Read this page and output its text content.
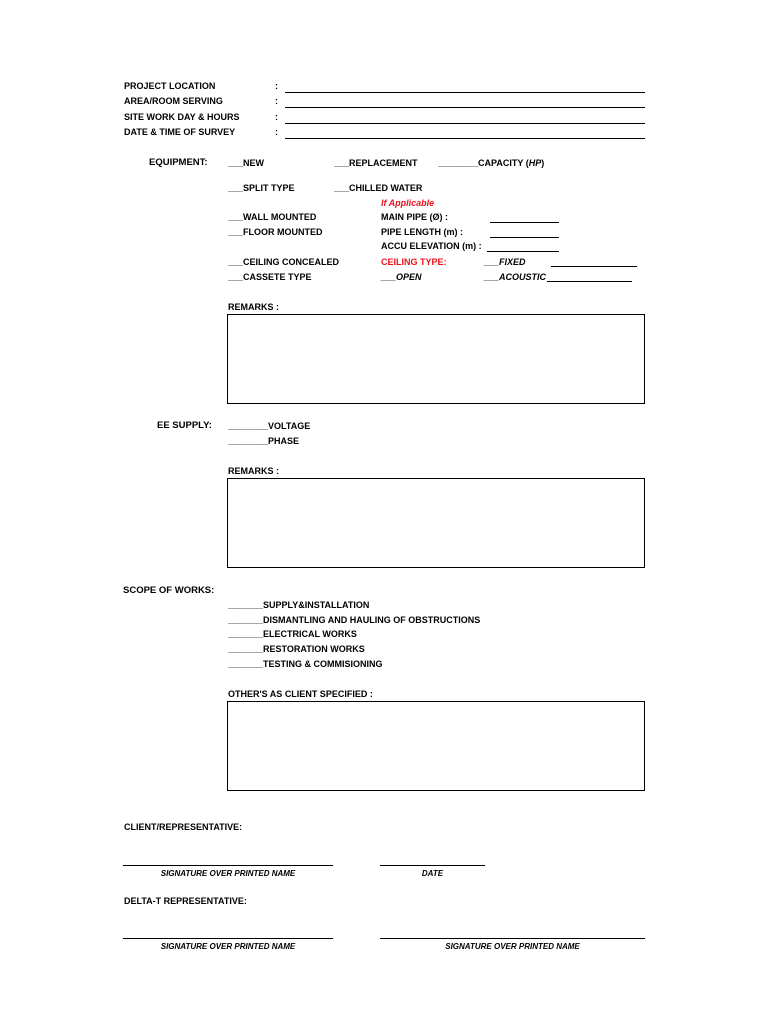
PROJECT LOCATION	:
AREA/ROOM SERVING	:
SITE WORK DAY & HOURS	:
DATE & TIME OF SURVEY	:
EQUIPMENT: ___NEW	___REPLACEMENT ________CAPACITY (HP)
___SPLIT TYPE	___CHILLED WATER
If Applicable
___WALL MOUNTED	MAIN PIPE (Ø) :
___FLOOR MOUNTED	PIPE LENGTH (m) :
ACCU ELEVATION (m) :
___CEILING CONCEALED	CEILING TYPE:	___FIXED
___CASSETE TYPE	___OPEN	___ACOUSTIC
REMARKS :
EE SUPPLY: ________VOLTAGE
________PHASE
REMARKS :
SCOPE OF WORKS:
_______SUPPLY&INSTALLATION
_______DISMANTLING AND HAULING OF OBSTRUCTIONS
_______ELECTRICAL WORKS
_______RESTORATION WORKS
_______TESTING & COMMISIONING
OTHER'S AS CLIENT SPECIFIED :
CLIENT/REPRESENTATIVE:
SIGNATURE OVER PRINTED NAME	DATE
DELTA-T REPRESENTATIVE:
SIGNATURE OVER PRINTED NAME	SIGNATURE OVER PRINTED NAME
